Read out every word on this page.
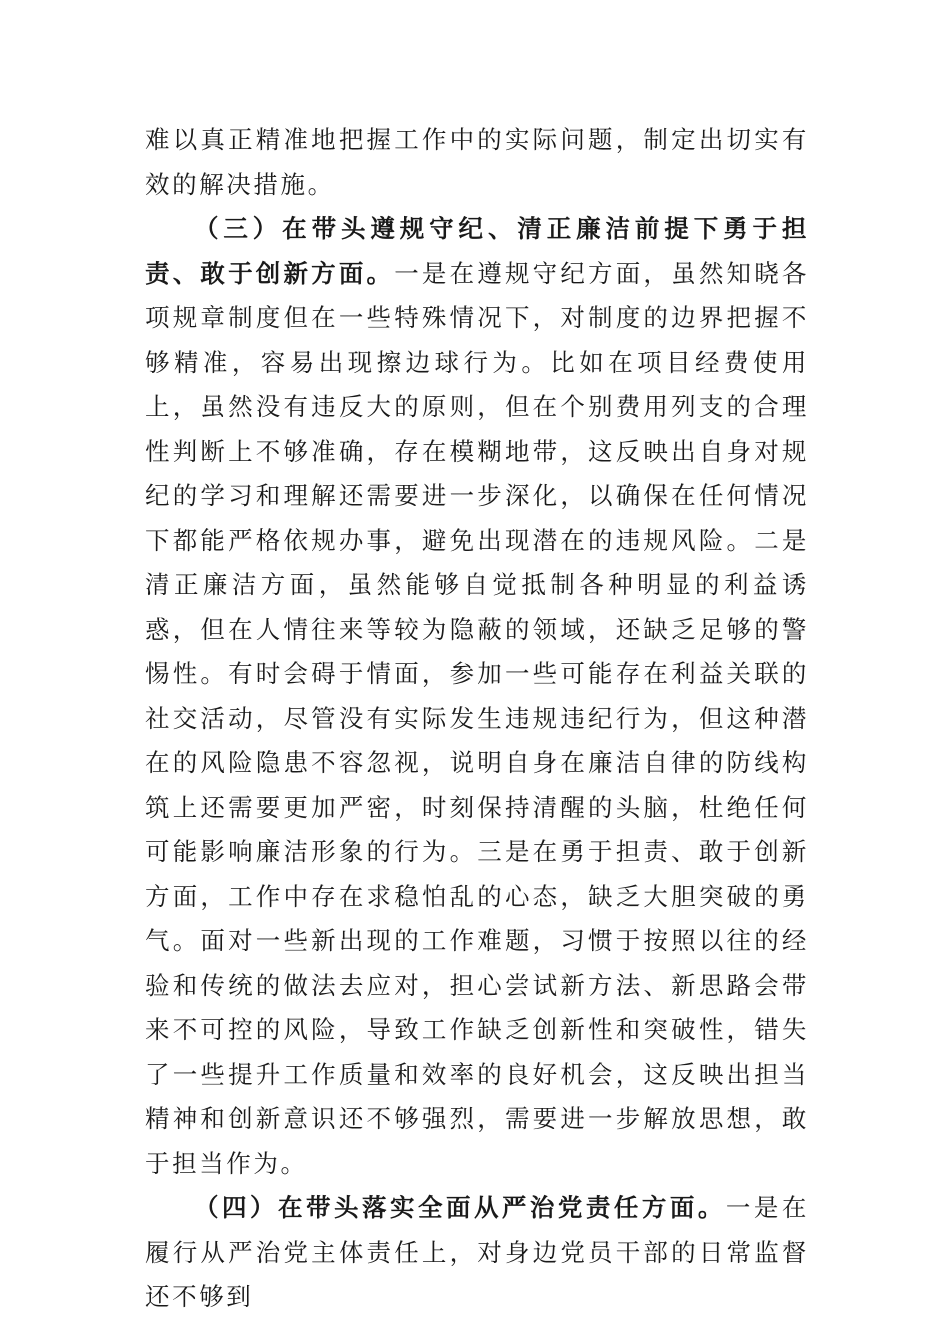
难以真正精准地把握工作中的实际问题，制定出切实有效的解决措施。

（三）在带头遵规守纪、清正廉洁前提下勇于担责、敢于创新方面。一是在遵规守纪方面，虽然知晓各项规章制度但在一些特殊情况下，对制度的边界把握不够精准，容易出现擦边球行为。比如在项目经费使用上，虽然没有违反大的原则，但在个别费用列支的合理性判断上不够准确，存在模糊地带，这反映出自身对规纪的学习和理解还需要进一步深化，以确保在任何情况下都能严格依规办事，避免出现潜在的违规风险。二是清正廉洁方面，虽然能够自觉抵制各种明显的利益诱惑，但在人情往来等较为隐蔽的领域，还缺乏足够的警惕性。有时会碍于情面，参加一些可能存在利益关联的社交活动，尽管没有实际发生违规违纪行为，但这种潜在的风险隐患不容忽视，说明自身在廉洁自律的防线构筑上还需要更加严密，时刻保持清醒的头脑，杜绝任何可能影响廉洁形象的行为。三是在勇于担责、敢于创新方面，工作中存在求稳怕乱的心态，缺乏大胆突破的勇气。面对一些新出现的工作难题，习惯于按照以往的经验和传统的做法去应对，担心尝试新方法、新思路会带来不可控的风险，导致工作缺乏创新性和突破性，错失了一些提升工作质量和效率的良好机会，这反映出担当精神和创新意识还不够强烈，需要进一步解放思想，敢于担当作为。

（四）在带头落实全面从严治党责任方面。一是在履行从严治党主体责任上，对身边党员干部的日常监督还不够到
